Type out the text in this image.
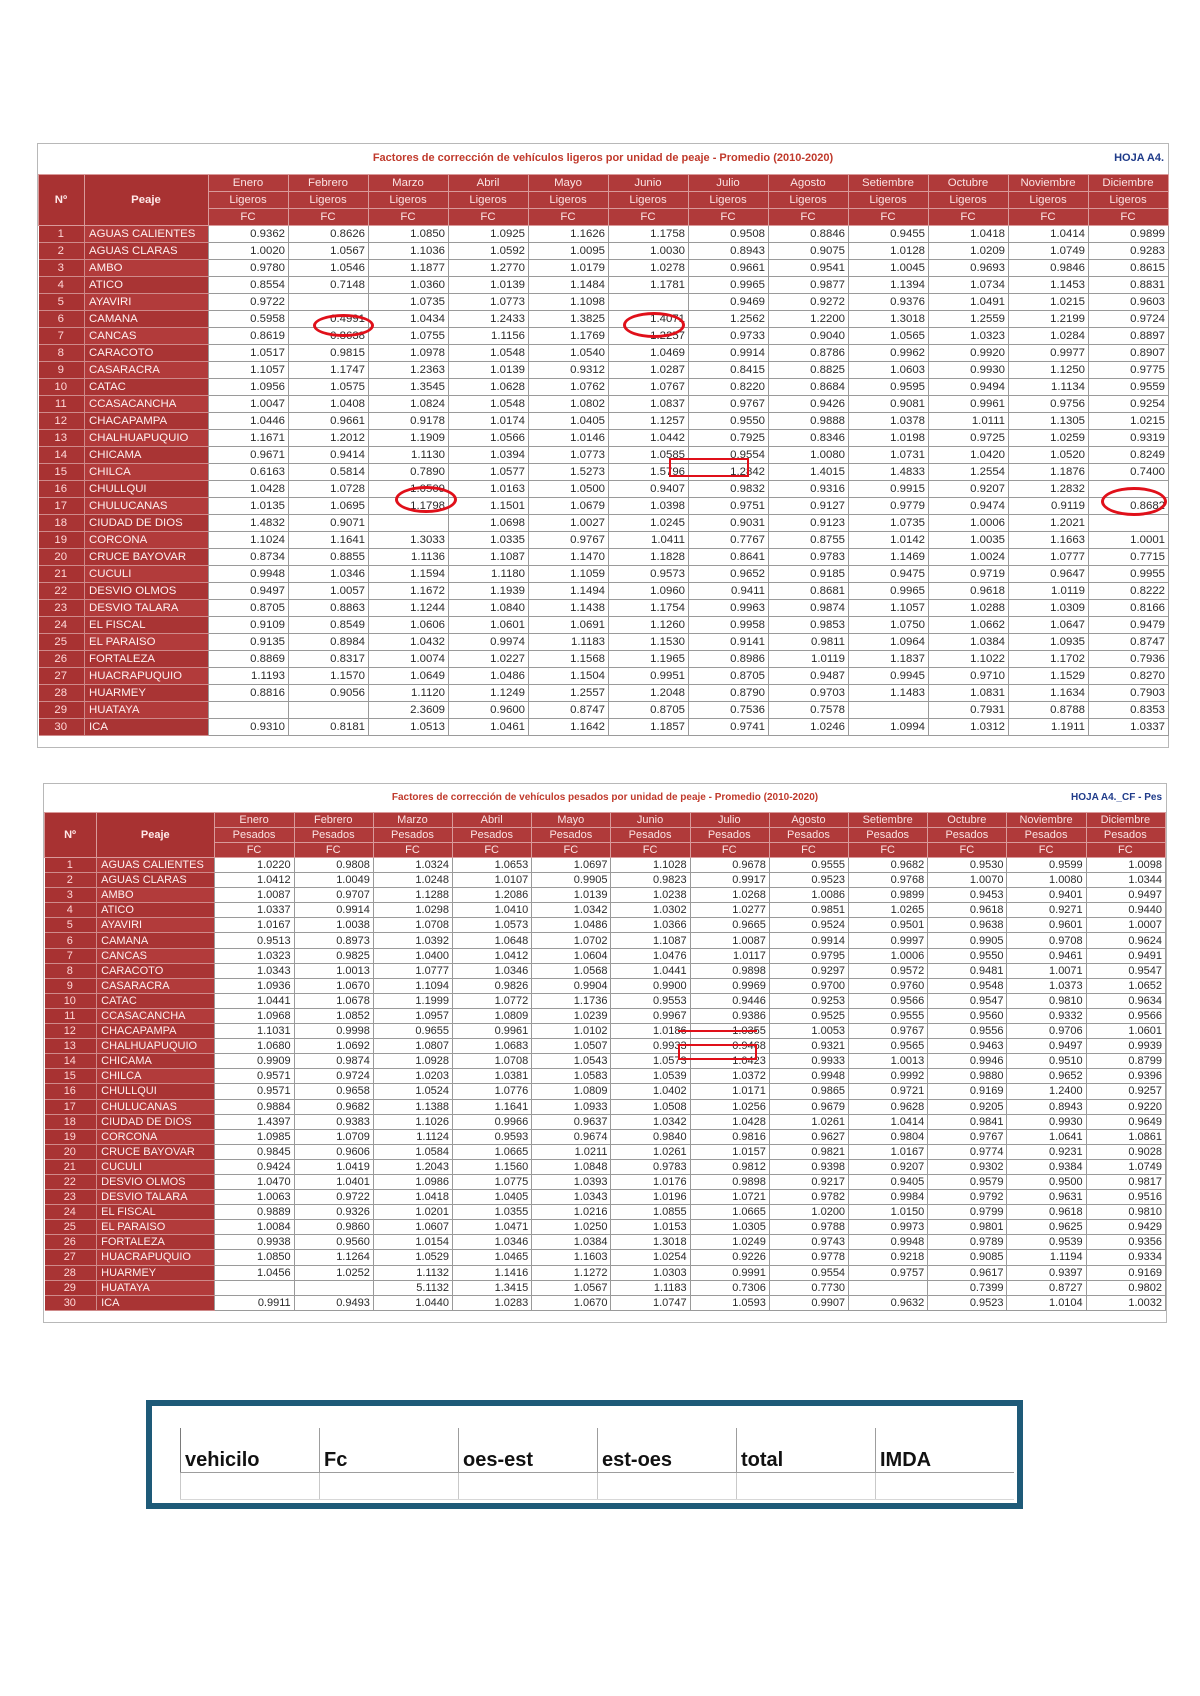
Factores de corrección de vehículos ligeros por unidad de peaje - Promedio (2010-2020)	HOJA A4.
Nº	Peaje	Enero	Febrero	Marzo	Abril	Mayo	Junio	Julio	Agosto	Setiembre	Octubre	Noviembre	Diciembre
		Ligeros	Ligeros	Ligeros	Ligeros	Ligeros	Ligeros	Ligeros	Ligeros	Ligeros	Ligeros	Ligeros	Ligeros
		FC	FC	FC	FC	FC	FC	FC	FC	FC	FC	FC	FC
1	AGUAS CALIENTES	0.9362	0.8626	1.0850	1.0925	1.1626	1.1758	0.9508	0.8846	0.9455	1.0418	1.0414	0.9899
2	AGUAS CLARAS	1.0020	1.0567	1.1036	1.0592	1.0095	1.0030	0.8943	0.9075	1.0128	1.0209	1.0749	0.9283
3	AMBO	0.9780	1.0546	1.1877	1.2770	1.0179	1.0278	0.9661	0.9541	1.0045	0.9693	0.9846	0.8615
4	ATICO	0.8554	0.7148	1.0360	1.0139	1.1484	1.1781	0.9965	0.9877	1.1394	1.0734	1.1453	0.8831
5	AYAVIRI	0.9722		1.0735	1.0773	1.1098		0.9469	0.9272	0.9376	1.0491	1.0215	0.9603
6	CAMANA	0.5958	0.4991	1.0434	1.2433	1.3825	1.4071	1.2562	1.2200	1.3018	1.2559	1.2199	0.9724
7	CANCAS	0.8619	0.8638	1.0755	1.1156	1.1769	1.2257	0.9733	0.9040	1.0565	1.0323	1.0284	0.8897
8	CARACOTO	1.0517	0.9815	1.0978	1.0548	1.0540	1.0469	0.9914	0.8786	0.9962	0.9920	0.9977	0.8907
9	CASARACRA	1.1057	1.1747	1.2363	1.0139	0.9312	1.0287	0.8415	0.8825	1.0603	0.9930	1.1250	0.9775
10	CATAC	1.0956	1.0575	1.3545	1.0628	1.0762	1.0767	0.8220	0.8684	0.9595	0.9494	1.1134	0.9559
11	CCASACANCHA	1.0047	1.0408	1.0824	1.0548	1.0802	1.0837	0.9767	0.9426	0.9081	0.9961	0.9756	0.9254
12	CHACAPAMPA	1.0446	0.9661	0.9178	1.0174	1.0405	1.1257	0.9550	0.9888	1.0378	1.0111	1.1305	1.0215
13	CHALHUAPUQUIO	1.1671	1.2012	1.1909	1.0566	1.0146	1.0442	0.7925	0.8346	1.0198	0.9725	1.0259	0.9319
14	CHICAMA	0.9671	0.9414	1.1130	1.0394	1.0773	1.0585	0.9554	1.0080	1.0731	1.0420	1.0520	0.8249
15	CHILCA	0.6163	0.5814	0.7890	1.0577	1.5273	1.5796	1.2842	1.4015	1.4833	1.2554	1.1876	0.7400
16	CHULLQUI	1.0428	1.0728	1.0509	1.0163	1.0500	0.9407	0.9832	0.9316	0.9915	0.9207	1.2832	
17	CHULUCANAS	1.0135	1.0695	1.1798	1.1501	1.0679	1.0398	0.9751	0.9127	0.9779	0.9474	0.9119	0.8682
18	CIUDAD DE DIOS	1.4832	0.9071		1.0698	1.0027	1.0245	0.9031	0.9123	1.0735	1.0006	1.2021	
19	CORCONA	1.1024	1.1641	1.3033	1.0335	0.9767	1.0411	0.7767	0.8755	1.0142	1.0035	1.1663	1.0001
20	CRUCE BAYOVAR	0.8734	0.8855	1.1136	1.1087	1.1470	1.1828	0.8641	0.9783	1.1469	1.0024	1.0777	0.7715
21	CUCULI	0.9948	1.0346	1.1594	1.1180	1.1059	0.9573	0.9652	0.9185	0.9475	0.9719	0.9647	0.9955
22	DESVIO OLMOS	0.9497	1.0057	1.1672	1.1939	1.1494	1.0960	0.9411	0.8681	0.9965	0.9618	1.0119	0.8222
23	DESVIO TALARA	0.8705	0.8863	1.1244	1.0840	1.1438	1.1754	0.9963	0.9874	1.1057	1.0288	1.0309	0.8166
24	EL FISCAL	0.9109	0.8549	1.0606	1.0601	1.0691	1.1260	0.9958	0.9853	1.0750	1.0662	1.0647	0.9479
25	EL PARAISO	0.9135	0.8984	1.0432	0.9974	1.1183	1.1530	0.9141	0.9811	1.0964	1.0384	1.0935	0.8747
26	FORTALEZA	0.8869	0.8317	1.0074	1.0227	1.1568	1.1965	0.8986	1.0119	1.1837	1.1022	1.1702	0.7936
27	HUACRAPUQUIO	1.1193	1.1570	1.0649	1.0486	1.1504	0.9951	0.8705	0.9487	0.9945	0.9710	1.1529	0.8270
28	HUARMEY	0.8816	0.9056	1.1120	1.1249	1.2557	1.2048	0.8790	0.9703	1.1483	1.0831	1.1634	0.7903
29	HUATAYA			2.3609	0.9600	0.8747	0.8705	0.7536	0.7578		0.7931	0.8788	0.8353
30	ICA	0.9310	0.8181	1.0513	1.0461	1.1642	1.1857	0.9741	1.0246	1.0994	1.0312	1.1911	1.0337
Factores de corrección de vehículos pesados por unidad de peaje - Promedio (2010-2020)	HOJA A4._CF - Pes
Nº	Peaje	Enero	Febrero	Marzo	Abril	Mayo	Junio	Julio	Agosto	Setiembre	Octubre	Noviembre	Diciembre
		Pesados	Pesados	Pesados	Pesados	Pesados	Pesados	Pesados	Pesados	Pesados	Pesados	Pesados	Pesados
		FC	FC	FC	FC	FC	FC	FC	FC	FC	FC	FC	FC
1	AGUAS CALIENTES	1.0220	0.9808	1.0324	1.0653	1.0697	1.1028	0.9678	0.9555	0.9682	0.9530	0.9599	1.0098
2	AGUAS CLARAS	1.0412	1.0049	1.0248	1.0107	0.9905	0.9823	0.9917	0.9523	0.9768	1.0070	1.0080	1.0344
3	AMBO	1.0087	0.9707	1.1288	1.2086	1.0139	1.0238	1.0268	1.0086	0.9899	0.9453	0.9401	0.9497
4	ATICO	1.0337	0.9914	1.0298	1.0410	1.0342	1.0302	1.0277	0.9851	1.0265	0.9618	0.9271	0.9440
5	AYAVIRI	1.0167	1.0038	1.0708	1.0573	1.0486	1.0366	0.9665	0.9524	0.9501	0.9638	0.9601	1.0007
6	CAMANA	0.9513	0.8973	1.0392	1.0648	1.0702	1.1087	1.0087	0.9914	0.9997	0.9905	0.9708	0.9624
7	CANCAS	1.0323	0.9825	1.0400	1.0412	1.0604	1.0476	1.0117	0.9795	1.0006	0.9550	0.9461	0.9491
8	CARACOTO	1.0343	1.0013	1.0777	1.0346	1.0568	1.0441	0.9898	0.9297	0.9572	0.9481	1.0071	0.9547
9	CASARACRA	1.0936	1.0670	1.1094	0.9826	0.9904	0.9900	0.9969	0.9700	0.9760	0.9548	1.0373	1.0652
10	CATAC	1.0441	1.0678	1.1999	1.0772	1.1736	0.9553	0.9446	0.9253	0.9566	0.9547	0.9810	0.9634
11	CCASACANCHA	1.0968	1.0852	1.0957	1.0809	1.0239	0.9967	0.9386	0.9525	0.9555	0.9560	0.9332	0.9566
12	CHACAPAMPA	1.1031	0.9998	0.9655	0.9961	1.0102	1.0186	1.0355	1.0053	0.9767	0.9556	0.9706	1.0601
13	CHALHUAPUQUIO	1.0680	1.0692	1.0807	1.0683	1.0507	0.9933	0.9468	0.9321	0.9565	0.9463	0.9497	0.9939
14	CHICAMA	0.9909	0.9874	1.0928	1.0708	1.0543	1.0573	1.0423	0.9933	1.0013	0.9946	0.9510	0.8799
15	CHILCA	0.9571	0.9724	1.0203	1.0381	1.0583	1.0539	1.0372	0.9948	0.9992	0.9880	0.9652	0.9396
16	CHULLQUI	0.9571	0.9658	1.0524	1.0776	1.0809	1.0402	1.0171	0.9865	0.9721	0.9169	1.2400	0.9257
17	CHULUCANAS	0.9884	0.9682	1.1388	1.1641	1.0933	1.0508	1.0256	0.9679	0.9628	0.9205	0.8943	0.9220
18	CIUDAD DE DIOS	1.4397	0.9383	1.1026	0.9966	0.9637	1.0342	1.0428	1.0261	1.0414	0.9841	0.9930	0.9649
19	CORCONA	1.0985	1.0709	1.1124	0.9593	0.9674	0.9840	0.9816	0.9627	0.9804	0.9767	1.0641	1.0861
20	CRUCE BAYOVAR	0.9845	0.9606	1.0584	1.0665	1.0211	1.0261	1.0157	0.9821	1.0167	0.9774	0.9231	0.9028
21	CUCULI	0.9424	1.0419	1.2043	1.1560	1.0848	0.9783	0.9812	0.9398	0.9207	0.9302	0.9384	1.0749
22	DESVIO OLMOS	1.0470	1.0401	1.0986	1.0775	1.0393	1.0176	0.9898	0.9217	0.9405	0.9579	0.9500	0.9817
23	DESVIO TALARA	1.0063	0.9722	1.0418	1.0405	1.0343	1.0196	1.0721	0.9782	0.9984	0.9792	0.9631	0.9516
24	EL FISCAL	0.9889	0.9326	1.0201	1.0355	1.0216	1.0855	1.0665	1.0200	1.0150	0.9799	0.9618	0.9810
25	EL PARAISO	1.0084	0.9860	1.0607	1.0471	1.0250	1.0153	1.0305	0.9788	0.9973	0.9801	0.9625	0.9429
26	FORTALEZA	0.9938	0.9560	1.0154	1.0346	1.0384	1.3018	1.0249	0.9743	0.9948	0.9789	0.9539	0.9356
27	HUACRAPUQUIO	1.0850	1.1264	1.0529	1.0465	1.1603	1.0254	0.9226	0.9778	0.9218	0.9085	1.1194	0.9334
28	HUARMEY	1.0456	1.0252	1.1132	1.1416	1.1272	1.0303	0.9991	0.9554	0.9757	0.9617	0.9397	0.9169
29	HUATAYA			5.1132	1.3415	1.0567	1.1183	0.7306	0.7730		0.7399	0.8727	0.9802
30	ICA	0.9911	0.9493	1.0440	1.0283	1.0670	1.0747	1.0593	0.9907	0.9632	0.9523	1.0104	1.0032
vehicilo	Fc	oes-est	est-oes	total	IMDA
